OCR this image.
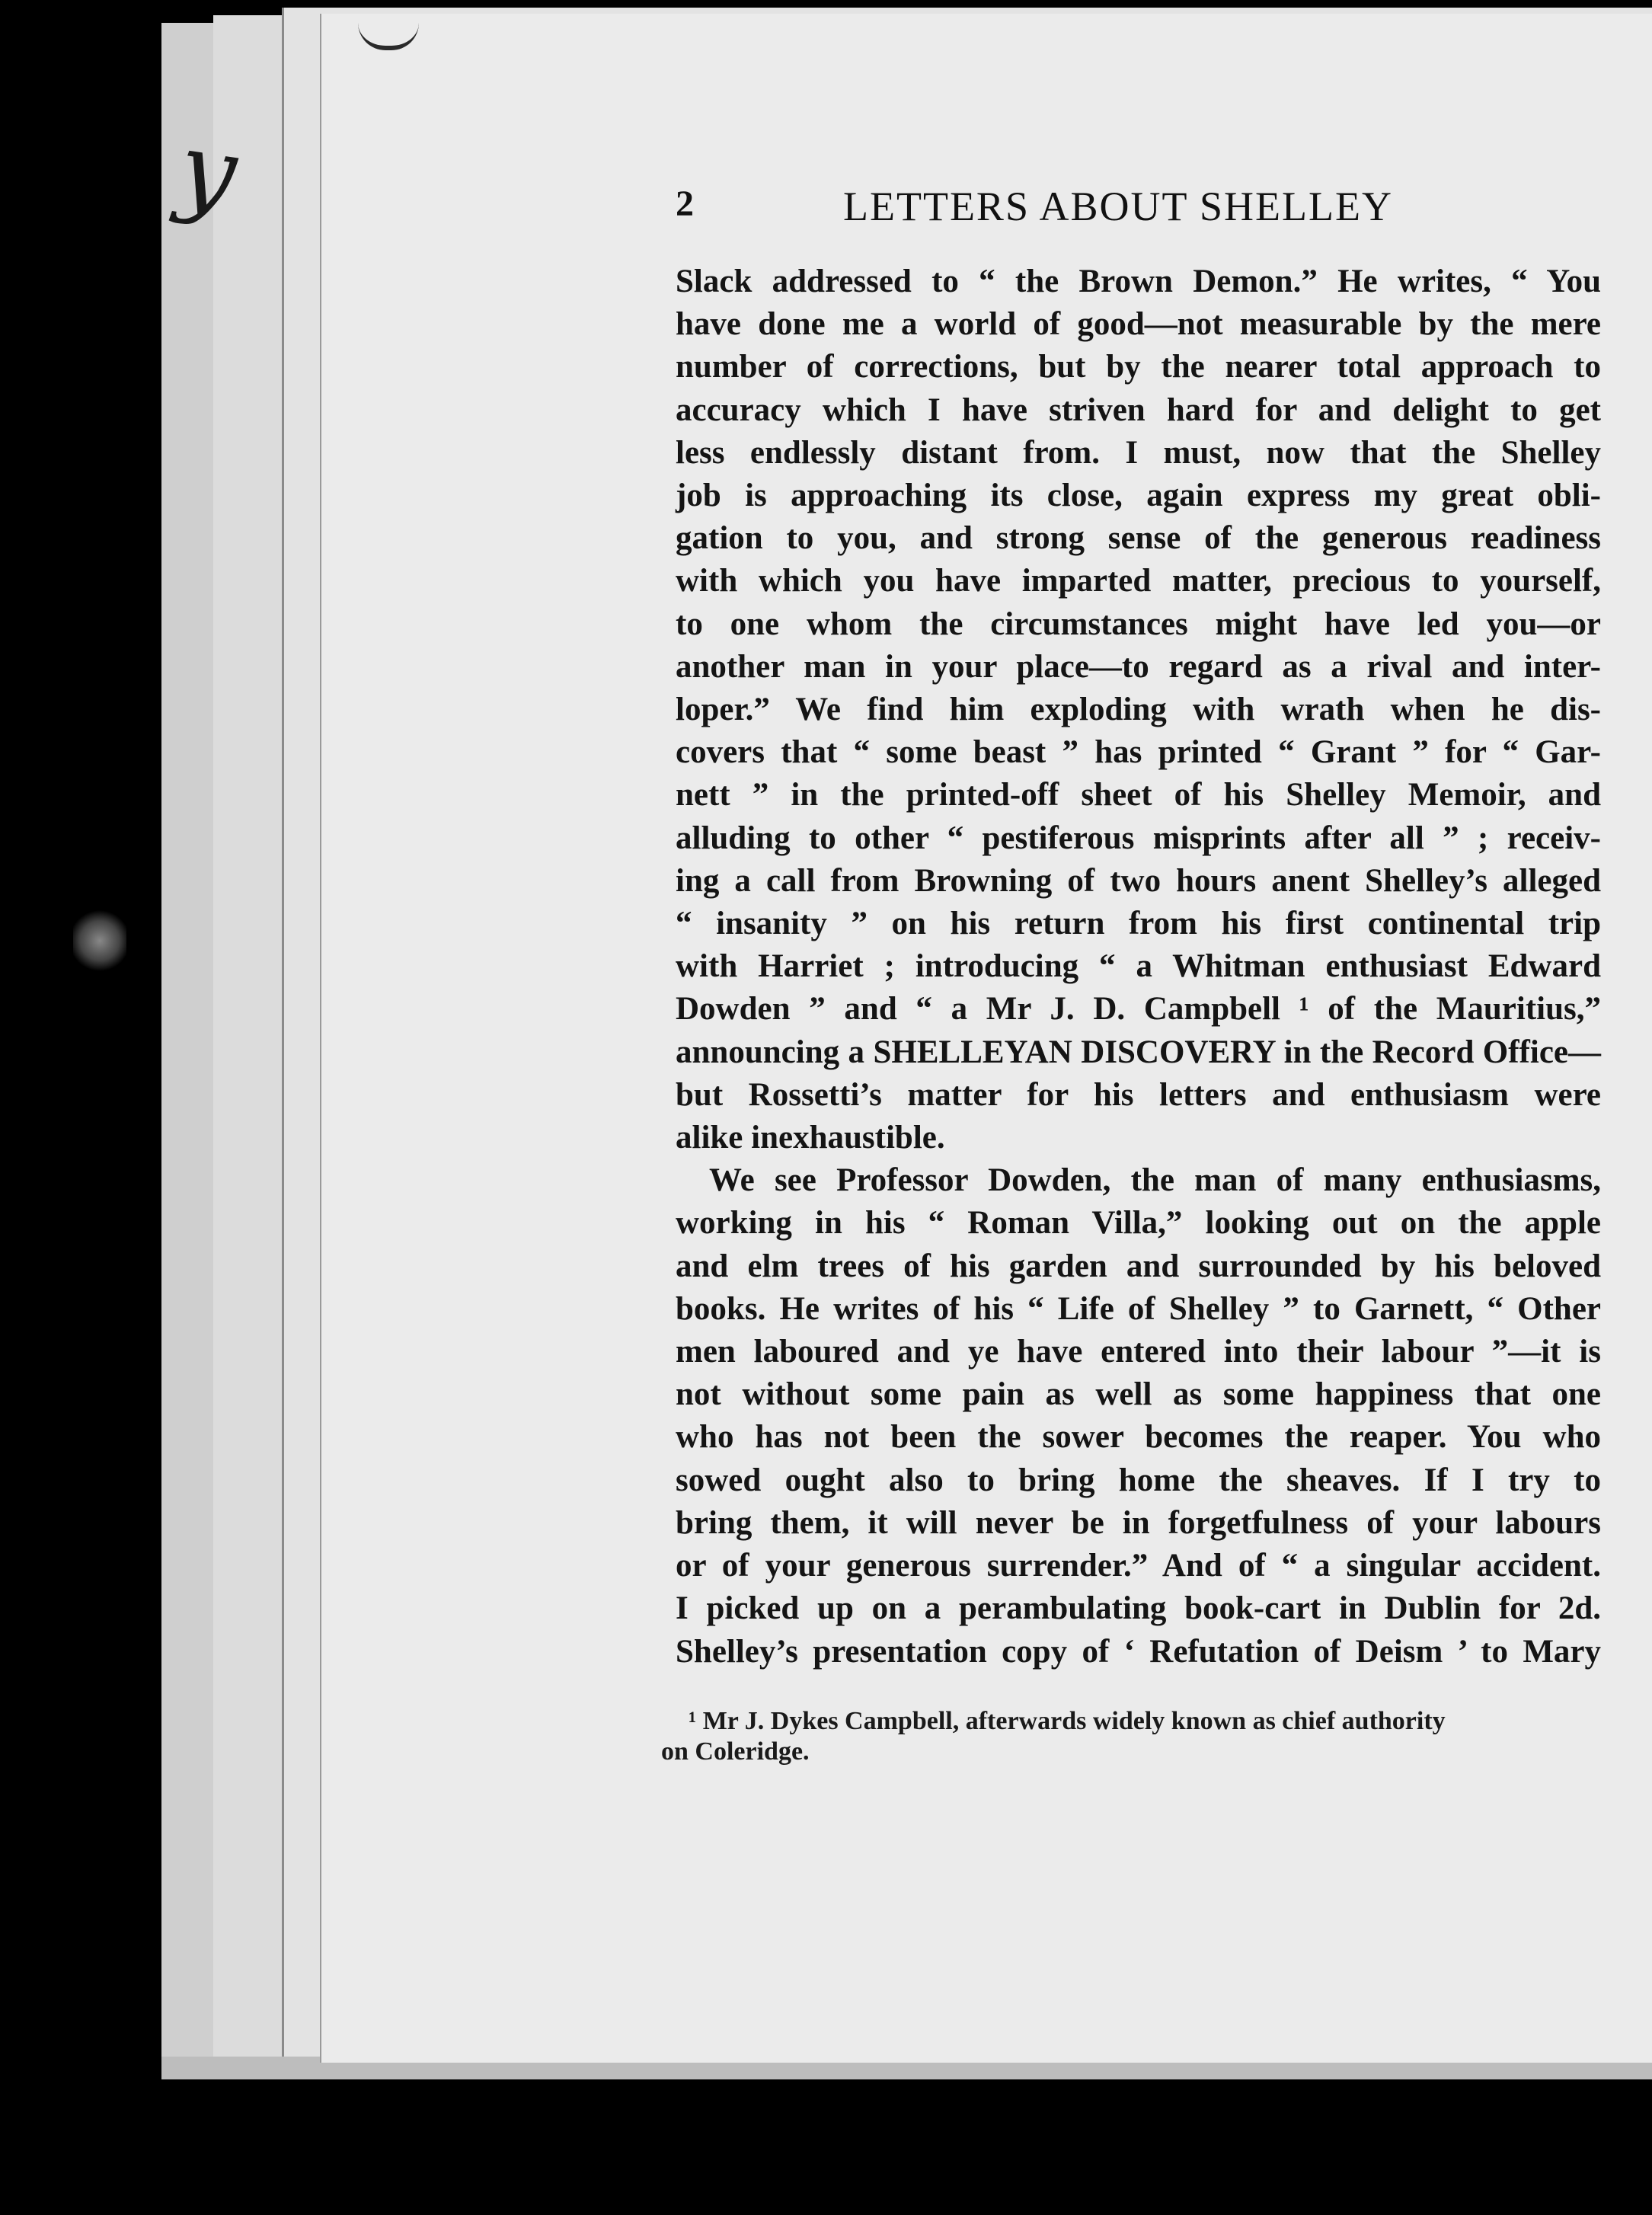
y	2	LETTERS ABOUT SHELLEY
Slack addressed to “ the Brown Demon.” He writes, “ You
have done me a world of good—not measurable by the mere
number of corrections, but by the nearer total approach to
accuracy which I have striven hard for and delight to get
less endlessly distant from. I must, now that the Shelley
job is approaching its close, again express my great obli-
gation to you, and strong sense of the generous readiness
with which you have imparted matter, precious to yourself,
to one whom the circumstances might have led you—or
another man in your place—to regard as a rival and inter-
loper.” We find him exploding with wrath when he dis-
covers that “ some beast ” has printed “ Grant ” for “ Gar-
nett ” in the printed-off sheet of his Shelley Memoir, and
alluding to other “ pestiferous misprints after all ” ; receiv-
ing a call from Browning of two hours anent Shelley’s alleged
“ insanity ” on his return from his first continental trip
with Harriet ; introducing “ a Whitman enthusiast Edward
Dowden ” and “ a Mr J. D. Campbell ¹ of the Mauritius,”
announcing a SHELLEYAN DISCOVERY in the Record Office—
but Rossetti’s matter for his letters and enthusiasm were
alike inexhaustible.
We see Professor Dowden, the man of many enthusiasms,
working in his “ Roman Villa,” looking out on the apple
and elm trees of his garden and surrounded by his beloved
books. He writes of his “ Life of Shelley ” to Garnett, “ Other
men laboured and ye have entered into their labour ”—it is
not without some pain as well as some happiness that one
who has not been the sower becomes the reaper. You who
sowed ought also to bring home the sheaves. If I try to
bring them, it will never be in forgetfulness of your labours
or of your generous surrender.” And of “ a singular accident.
I picked up on a perambulating book-cart in Dublin for 2d.
Shelley’s presentation copy of ‘ Refutation of Deism ’ to Mary
¹ Mr J. Dykes Campbell, afterwards widely known as chief authority
on Coleridge.
